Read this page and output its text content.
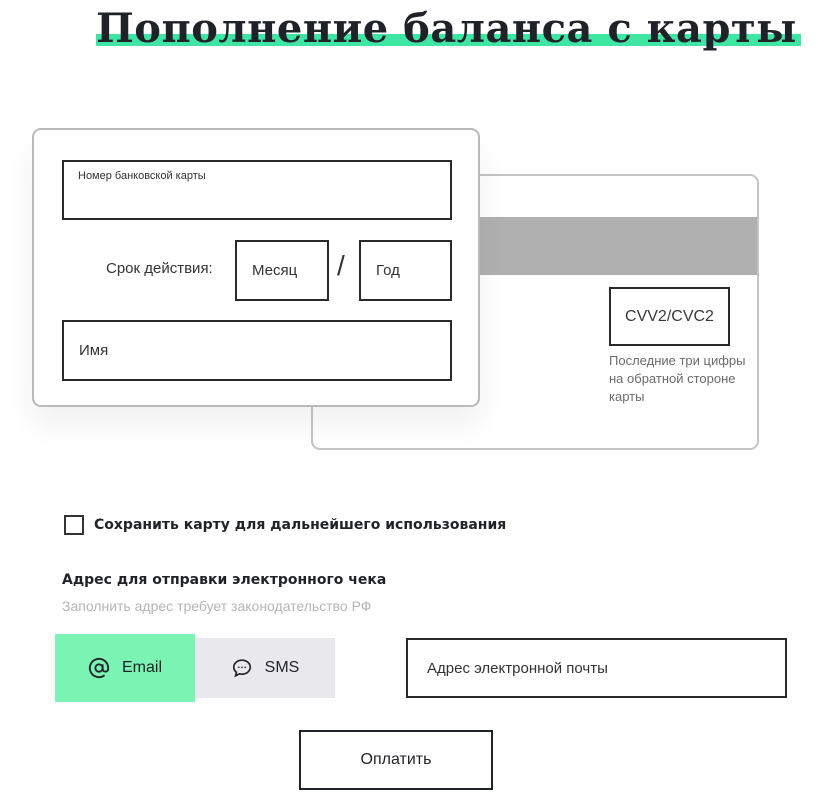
Пополнение баланса с карты
CVV2/CVC2
Последние три цифры на обратной стороне карты
Номер банковской карты
Срок действия:	Месяц / Год
Имя
Сохранить карту для дальнейшего использования
Адрес для отправки электронного чека
Заполнить адрес требует законодательство РФ
Email	SMS
Адрес электронной почты
Оплатить
